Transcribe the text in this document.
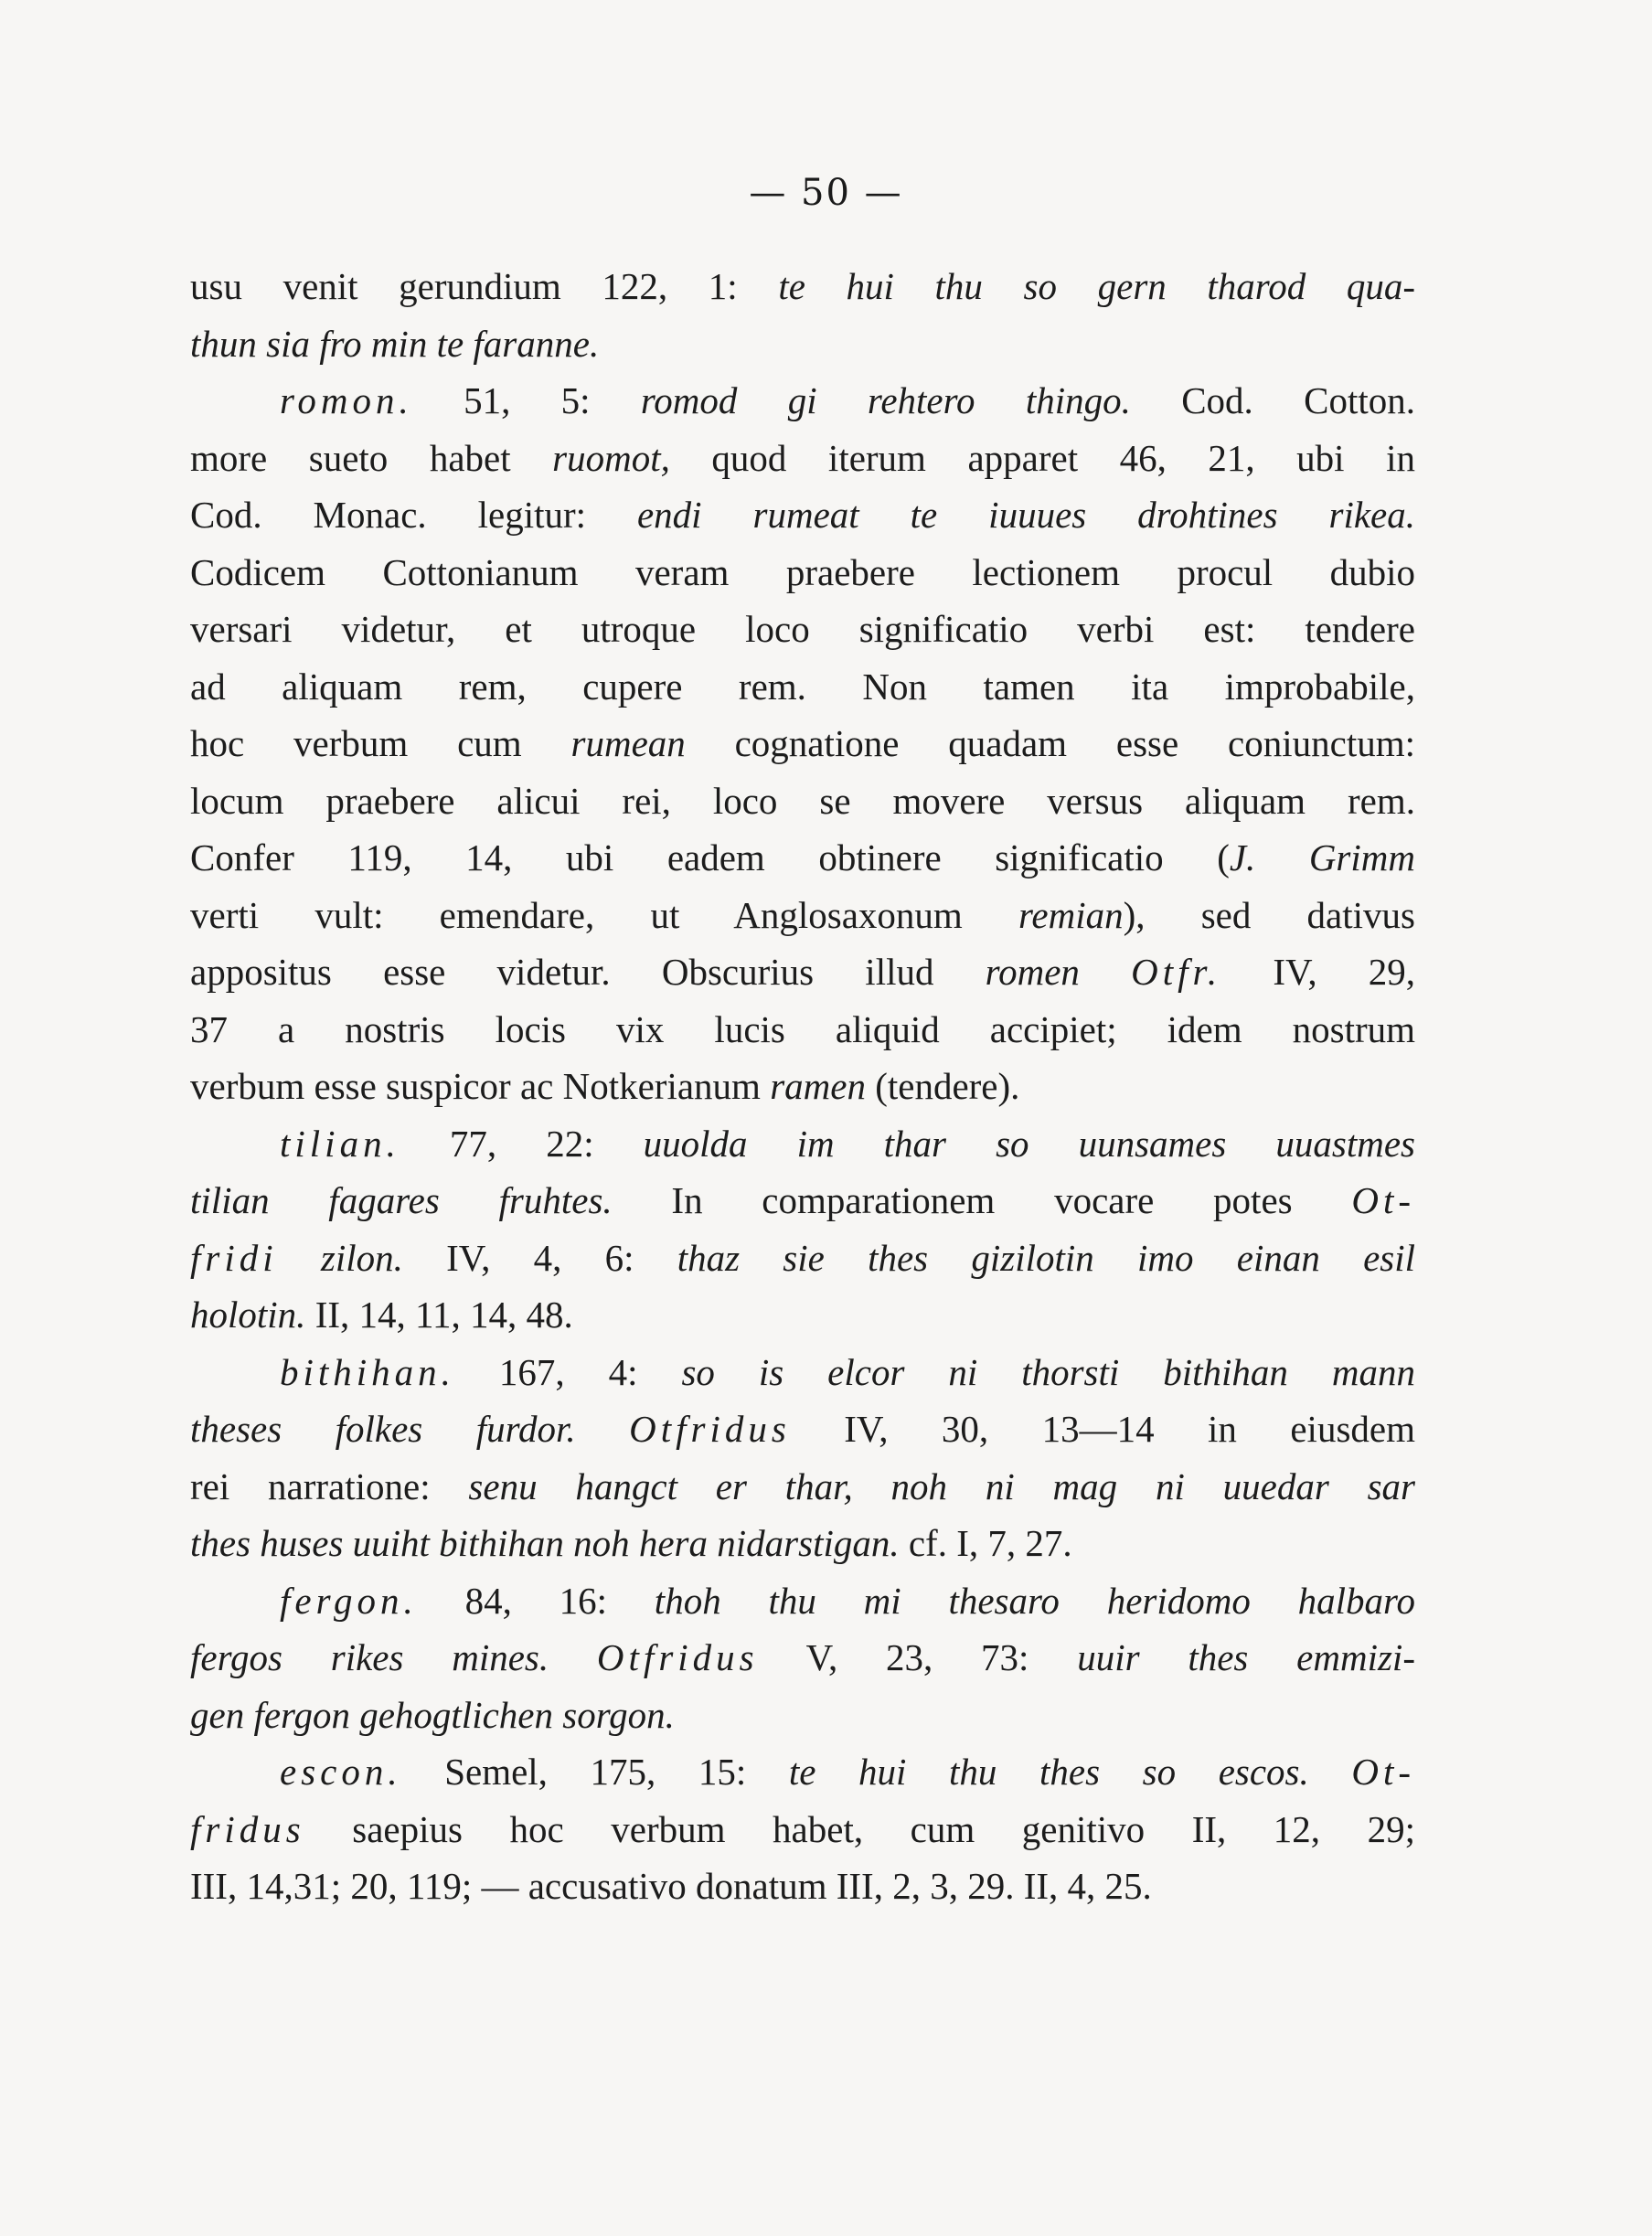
— 50 —
usu venit gerundium 122, 1: te hui thu so gern tharod qua-
thun sia fro min te faranne.
romon. 51, 5: romod gi rehtero thingo. Cod. Cotton.
more sueto habet ruomot, quod iterum apparet 46, 21, ubi in
Cod. Monac. legitur: endi rumeat te iuuues drohtines rikea.
Codicem Cottonianum veram praebere lectionem procul dubio
versari videtur, et utroque loco significatio verbi est: tendere
ad aliquam rem, cupere rem. Non tamen ita improbabile,
hoc verbum cum rumean cognatione quadam esse coniunctum:
locum praebere alicui rei, loco se movere versus aliquam rem.
Confer 119, 14, ubi eadem obtinere significatio (J. Grimm
verti vult: emendare, ut Anglosaxonum remian), sed dativus
appositus esse videtur. Obscurius illud romen Otfr. IV, 29,
37 a nostris locis vix lucis aliquid accipiet; idem nostrum
verbum esse suspicor ac Notkerianum ramen (tendere).
tilian. 77, 22: uuolda im thar so uunsames uuastmes
tilian fagares fruhtes. In comparationem vocare potes Ot-
fridi zilon. IV, 4, 6: thaz sie thes gizilotin imo einan esil
holotin. II, 14, 11, 14, 48.
bithihan. 167, 4: so is elcor ni thorsti bithihan mann
theses folkes furdor. Otfridus IV, 30, 13—14 in eiusdem
rei narratione: senu hangct er thar, noh ni mag ni uuedar sar
thes huses uuiht bithihan noh hera nidarstigan. cf. I, 7, 27.
fergon. 84, 16: thoh thu mi thesaro heridomo halbaro
fergos rikes mines. Otfridus V, 23, 73: uuir thes emmizi-
gen fergon gehogtlichen sorgon.
escon. Semel, 175, 15: te hui thu thes so escos. Ot-
fridus saepius hoc verbum habet, cum genitivo II, 12, 29;
III, 14,31; 20, 119; — accusativo donatum III, 2, 3, 29. II, 4, 25.
